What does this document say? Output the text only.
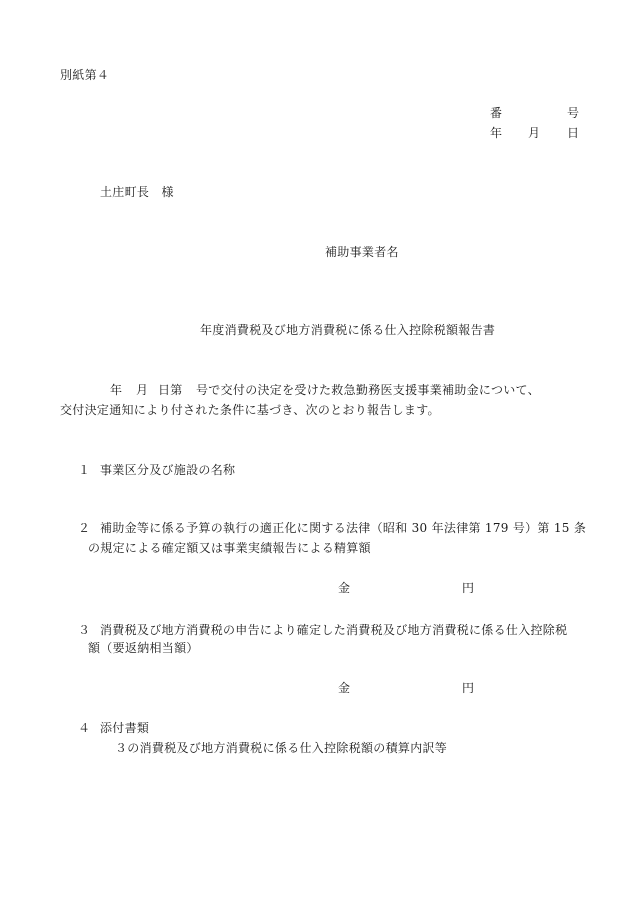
別紙第４
番	号
年 月 日
土庄町長　様
補助事業者名
年度消費税及び地方消費税に係る仕入控除税額報告書
年 月 日第 号で交付の決定を受けた救急勤務医支援事業補助金について、
交付決定通知により付された条件に基づき、次のとおり報告します。
１ 事業区分及び施設の名称
２ 補助金等に係る予算の執行の適正化に関する法律（昭和 30 年法律第 179 号）第 15 条
の規定による確定額又は事業実績報告による精算額
金	円
３ 消費税及び地方消費税の申告により確定した消費税及び地方消費税に係る仕入控除税
額（要返納相当額）
金	円
４ 添付書類
３の消費税及び地方消費税に係る仕入控除税額の積算内訳等
